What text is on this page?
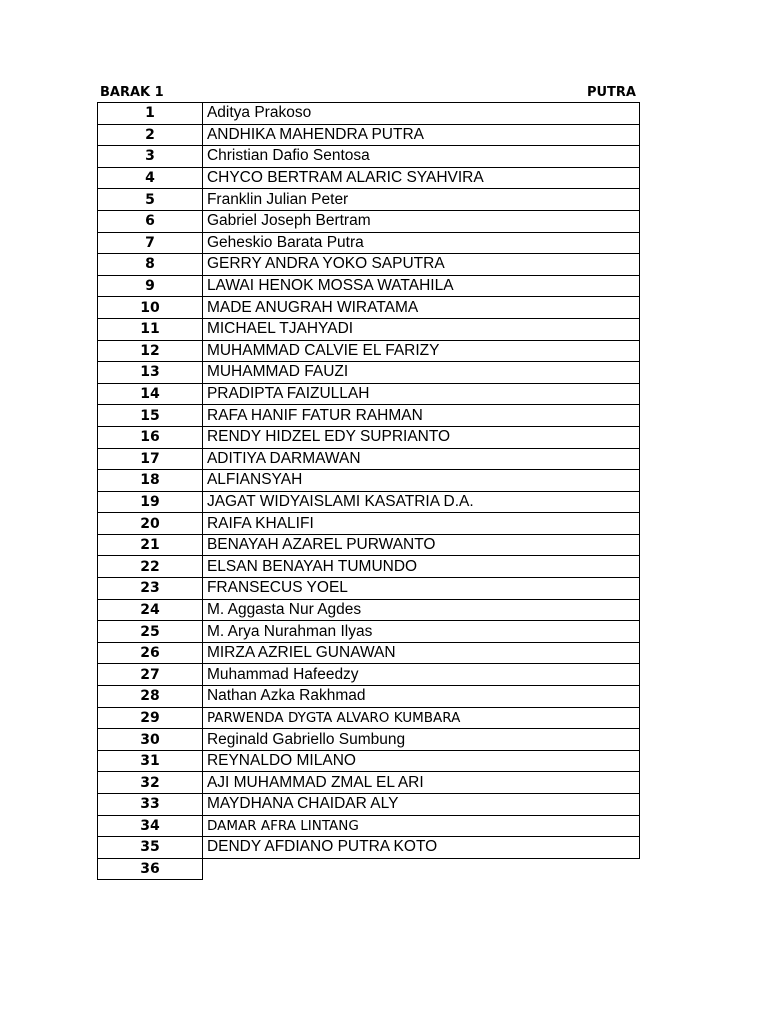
BARAK 1	PUTRA
1	Aditya Prakoso
2	ANDHIKA MAHENDRA PUTRA
3	Christian Dafio Sentosa
4	CHYCO BERTRAM ALARIC SYAHVIRA
5	Franklin Julian Peter
6	Gabriel Joseph Bertram
7	Geheskio Barata Putra
8	GERRY ANDRA YOKO SAPUTRA
9	LAWAI HENOK MOSSA WATAHILA
10	MADE ANUGRAH WIRATAMA
11	MICHAEL TJAHYADI
12	MUHAMMAD CALVIE EL FARIZY
13	MUHAMMAD FAUZI
14	PRADIPTA FAIZULLAH
15	RAFA HANIF FATUR RAHMAN
16	RENDY HIDZEL EDY SUPRIANTO
17	ADITIYA DARMAWAN
18	ALFIANSYAH
19	JAGAT WIDYAISLAMI KASATRIA D.A.
20	RAIFA KHALIFI
21	BENAYAH AZAREL PURWANTO
22	ELSAN BENAYAH TUMUNDO
23	FRANSECUS YOEL
24	M. Aggasta Nur Agdes
25	M. Arya Nurahman Ilyas
26	MIRZA AZRIEL GUNAWAN
27	Muhammad Hafeedzy
28	Nathan Azka Rakhmad
29	PARWENDA DYGTA ALVARO KUMBARA
30	Reginald Gabriello Sumbung
31	REYNALDO MILANO
32	AJI MUHAMMAD ZMAL EL ARI
33	MAYDHANA CHAIDAR ALY
34	DAMAR AFRA LINTANG
35	DENDY AFDIANO PUTRA KOTO
36	
